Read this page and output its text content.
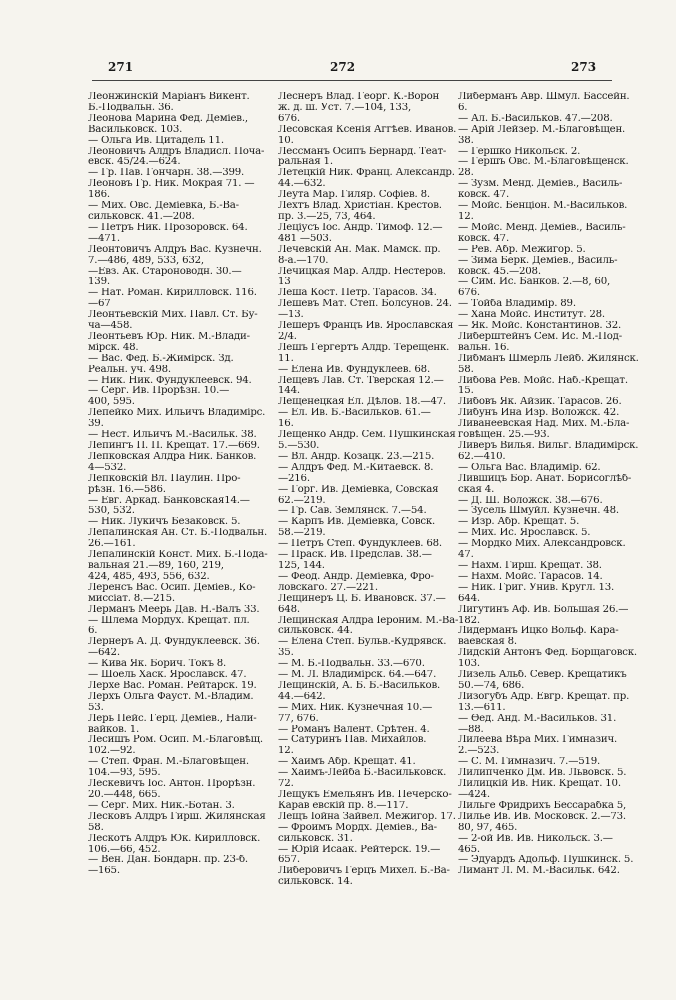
271	272	273
Леонжинскій Маріанъ Викент.
Б.-Подвальн. 36.
Леонова Марина Фед. Деміев.,
Васильковск. 103.
— Ольга Ив. Цитадель 11.
Леоновичъ Алдръ Владисл. Поча-
евск. 45/24.—624.
— Гр. Пав. Гончарн. 38.—399.
Леоновъ Гр. Ник. Мокрая 71. —
186.
— Мих. Овс. Деміевка, Б.-Ва-
сильковск. 41.—208.
— Петръ Ник. Прозоровск. 64.
—471.
Леонтовичъ Алдръ Вас. Кузнечн.
7.—486, 489, 533, 632,
—Евз. Ак. Староноводн. 30.—
139.
— Нат. Роман. Кирилловск. 116.
—67
Леонтьевскій Мих. Павл. Ст. Бу-
ча—458.
Леонтьевъ Юр. Ник. М.-Влади-
мірск. 48.
— Вас. Фед. Б.-Жимірск. Зд.
Реальн. уч. 498.
— Ник. Ник. Фундуклеевск. 94.
— Серг. Ив. Прорѣзн. 10.—
400, 595.
Лепейко Мих. Ильичъ Владимірс.
39.
— Нест. Ильичъ М.-Васильк. 38.
Лепингъ П. П. Крещат. 17.—669.
Лепковская Алдра Ник. Банков.
4—532.
Лепковскій Вл. Паулин. Про-
рѣзн. 16.—586.
— Евг. Аркад. Банковская14.—
530, 532.
— Ник. Лукичъ Безаковск. 5.
Лепалинская Ан. Ст. Б.-Подвальн.
26.—161.
Лепалинскій Конст. Мих. Б.-Пода-
вальная 21.—89, 160, 219,
424, 485, 493, 556, 632.
Леренсъ Вас. Осип. Деміев., Ко-
миссіат. 8.—215.
Лерманъ Меерь Дав. Н.-Валъ 33.
— Шлема Мордух. Крещат. пл.
6.
Лернеръ А. Д. Фундуклеевск. 36.
—642.
— Кива Як. Борич. Токъ 8.
— Шоель Хаск. Ярославск. 47.
Лерхе Вас. Роман. Рейтарск. 19.
Лерхъ Ольга Фауст. М.-Владим.
53.
Лерь Пейс. Герц. Деміев., Нали-
вайков. 1.
Лесишъ Ром. Осип. М.-Благовѣщ.
102.—92.
— Степ. Фран. М.-Благовѣщен.
104.—93, 595.
Лескевичъ Іос. Антон. Прорѣзн.
20.—448, 665.
— Серг. Мих. Ник.-Ботан. 3.
Лесковъ Алдръ Гирш. Жилянская
58.
Лескотъ Алдръ Юк. Кирилловск.
106.—66, 452.
— Вен. Дан. Бондарн. пр. 23-б.
—165.
Леснеръ Влад. Георг. К.-Ворон
ж. д. ш. Уст. 7.—104, 133,
676.
Лесовская Ксенія Аггѣев. Иванов.
10.
Лессманъ Осипъ Бернард. Теат-
ральная 1.
Летецкій Ник. Франц. Александр.
44.—632.
Леута Мар. Гиляр. Софіев. 8.
Лехтъ Влад. Христіан. Крестов.
пр. 3.—25, 73, 464.
Лецiусъ Іос. Андр. Тимоф. 12.—
481 —503.
Лечевскій Ан. Мак. Мамск. пр.
8-а.—170.
Лечицкая Мар. Алдр. Нестеров.
13
Леша Кост. Петр. Тарасов. 34.
Лешевъ Мат. Степ. Болсунов. 24.
—13.
Лешеръ Францъ Ив. Ярославская
2/4.
Лешъ Гергертъ Алдр. Терещенк.
11.
— Елена Ив. Фундуклеев. 68.
Лещевъ Лав. Ст. Тверская 12.—
144.
Лещенецкая Ел. Дѣлов. 18.—47.
— Ел. Ив. Б.-Васильков. 61.—
16.
Лещенко Андр. Сем. Пушкинская
5.—530.
— Вл. Андр. Козацк. 23.—215.
— Алдръ Фед. М.-Китаевск. 8.
—216.
— Горг. Ив. Деміевка, Совская
62.—219.
— Гр. Сав. Землянск. 7.—54.
— Карпъ Ив. Деміевка, Совск.
58.—219.
— Петръ Степ. Фундуклеев. 68.
— Праск. Ив. Предслав. 38.—
125, 144.
— Феод. Андр. Деміевка, Фро-
ловскаго. 27.—221.
Лещинеръ Ц. Б. Ивановск. 37.—
648.
Лещинская Алдра Іероним. М.-Ва-
сильковск. 44.
— Елена Степ. Бульв.-Кудрявск.
35.
— М. Б.-Подвальн. 33.—670.
— М. Л. Владимірск. 64.—647.
Лещинскій, А. Б. Б.-Васильков.
44.—642.
— Мих. Ник. Кузнечная 10.—
77, 676.
— Романъ Валент. Срѣтен. 4.
— Сатуринъ Пав. Михайлов.
12.
— Хаимъ Абр. Крещат. 41.
— Хаимъ-Лейба Б.-Васильковск.
72.
Лещукъ Емельянъ Ив. Печерско-
Карав евскій пр. 8.—117.
Лещъ Іойна Зайвел. Межигор. 17.
— Фроимъ Мордх. Деміев., Ва-
сильковск. 31.
— Юрій Исаак. Рейтерск. 19.—
657.
Либеровичъ Герцъ Михел. Б.-Ва-
сильковск. 14.
Либерманъ Авр. Шмул. Бассейн.
6.
— Ал. Б.-Васильков. 47.—208.
— Арій Лейзер. М.-Благовѣщен.
38.
— Гершко Никольск. 2.
— Гершъ Овс. М.-Благовѣщенск.
28.
— Зузм. Менд. Деміев., Василь-
ковск. 47.
— Мойс. Бенціон. М.-Васильков.
12.
— Мойс. Менд. Деміев., Василь-
ковск. 47.
— Рев. Абр. Межигор. 5.
— Зима Берк. Деміев., Василь-
ковск. 45.—208.
— Сим. Ис. Банков. 2.—8, 60,
676.
— Тойба Владимір. 89.
— Хана Мойс. Институт. 28.
— Як. Мойс. Константинов. 32.
Либерштейнъ Сем. Ис. М.-Под-
вальн. 16.
Либманъ Шмерль Лейб. Жилянск.
58.
Либова Рев. Мойс. Наб.-Крещат.
15.
Либовъ Як. Айзик. Тарасов. 26.
Либунъ Ина Изр. Воложск. 42.
Ливанеевская Над. Мих. М.-Бла-
говѣщен. 25.—93.
Ливеръ Вилья. Вильг. Владимірск.
62.—410.
— Ольга Вас. Владимір. 62.
Лившицъ Бор. Анат. Борисоглѣб-
ская 4.
— Д. Ш. Воложск. 38.—676.
— Зусель Шмуйл. Кузнечн. 48.
— Изр. Абр. Крещат. 5.
— Мих. Ис. Ярославск. 5.
— Мордко Мих. Александровск.
47.
— Нахм. Гирш. Крещат. 38.
— Нахм. Мойс. Тарасов. 14.
— Ник. Григ. Унив. Кругл. 13.
644.
Лигутинъ Аф. Ив. Большая 26.—
182.
Лидерманъ Ицко Вольф. Кара-
ваевская 8.
Лидскій Антонъ Фед. Борщаговск.
103.
Лизель Альб. Север. Крещатикъ
50.—74, 686.
Лизогубъ Адр. Евгр. Крещат. пр.
13.—611.
— Ѳед. Анд. М.-Васильков. 31.
—88.
Лилеева Вѣра Мих. Гимназич.
2.—523.
— С. М. Гимназич. 7.—519.
Лилипченко Дм. Ив. Львовск. 5.
Лилицкій Ив. Ник. Крещат. 10.
—424.
Лильге Фридрихъ Бессарабка 5,
Лилье Ив. Ив. Московск. 2.—73.
80, 97, 465.
— 2-ой Ив. Ив. Никольск. 3.—
465.
— Эдуардъ Адольф. Пушкинск. 5.
Лимант Л. М. М.-Васильк. 642.
